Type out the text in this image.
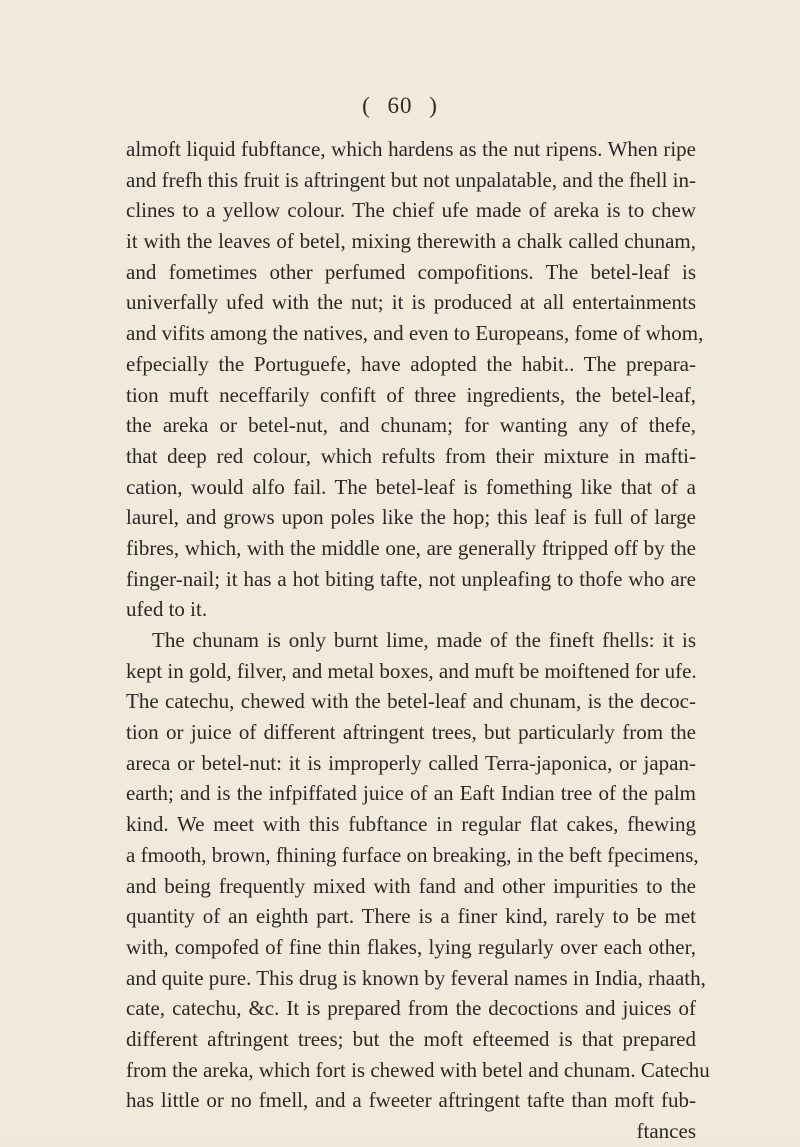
( 60 )
almoft liquid fubftance, which hardens as the nut ripens. When ripe
and frefh this fruit is aftringent but not unpalatable, and the fhell in-
clines to a yellow colour. The chief ufe made of areka is to chew
it with the leaves of betel, mixing therewith a chalk called chunam,
and fometimes other perfumed compofitions. The betel-leaf is
univerfally ufed with the nut; it is produced at all entertainments
and vifits among the natives, and even to Europeans, fome of whom,
efpecially the Portuguefe, have adopted the habit.. The prepara-
tion muft neceffarily confift of three ingredients, the betel-leaf,
the areka or betel-nut, and chunam; for wanting any of thefe,
that deep red colour, which refults from their mixture in mafti-
cation, would alfo fail. The betel-leaf is fomething like that of a
laurel, and grows upon poles like the hop; this leaf is full of large
fibres, which, with the middle one, are generally ftripped off by the
finger-nail; it has a hot biting tafte, not unpleafing to thofe who are
ufed to it.
The chunam is only burnt lime, made of the fineft fhells: it is
kept in gold, filver, and metal boxes, and muft be moiftened for ufe.
The catechu, chewed with the betel-leaf and chunam, is the decoc-
tion or juice of different aftringent trees, but particularly from the
areca or betel-nut: it is improperly called Terra-japonica, or japan-
earth; and is the infpiffated juice of an Eaft Indian tree of the palm
kind. We meet with this fubftance in regular flat cakes, fhewing
a fmooth, brown, fhining furface on breaking, in the beft fpecimens,
and being frequently mixed with fand and other impurities to the
quantity of an eighth part. There is a finer kind, rarely to be met
with, compofed of fine thin flakes, lying regularly over each other,
and quite pure. This drug is known by feveral names in India, rhaath,
cate, catechu, &c. It is prepared from the decoctions and juices of
different aftringent trees; but the moft efteemed is that prepared
from the areka, which fort is chewed with betel and chunam. Catechu
has little or no fmell, and a fweeter aftringent tafte than moft fub-
ftances
